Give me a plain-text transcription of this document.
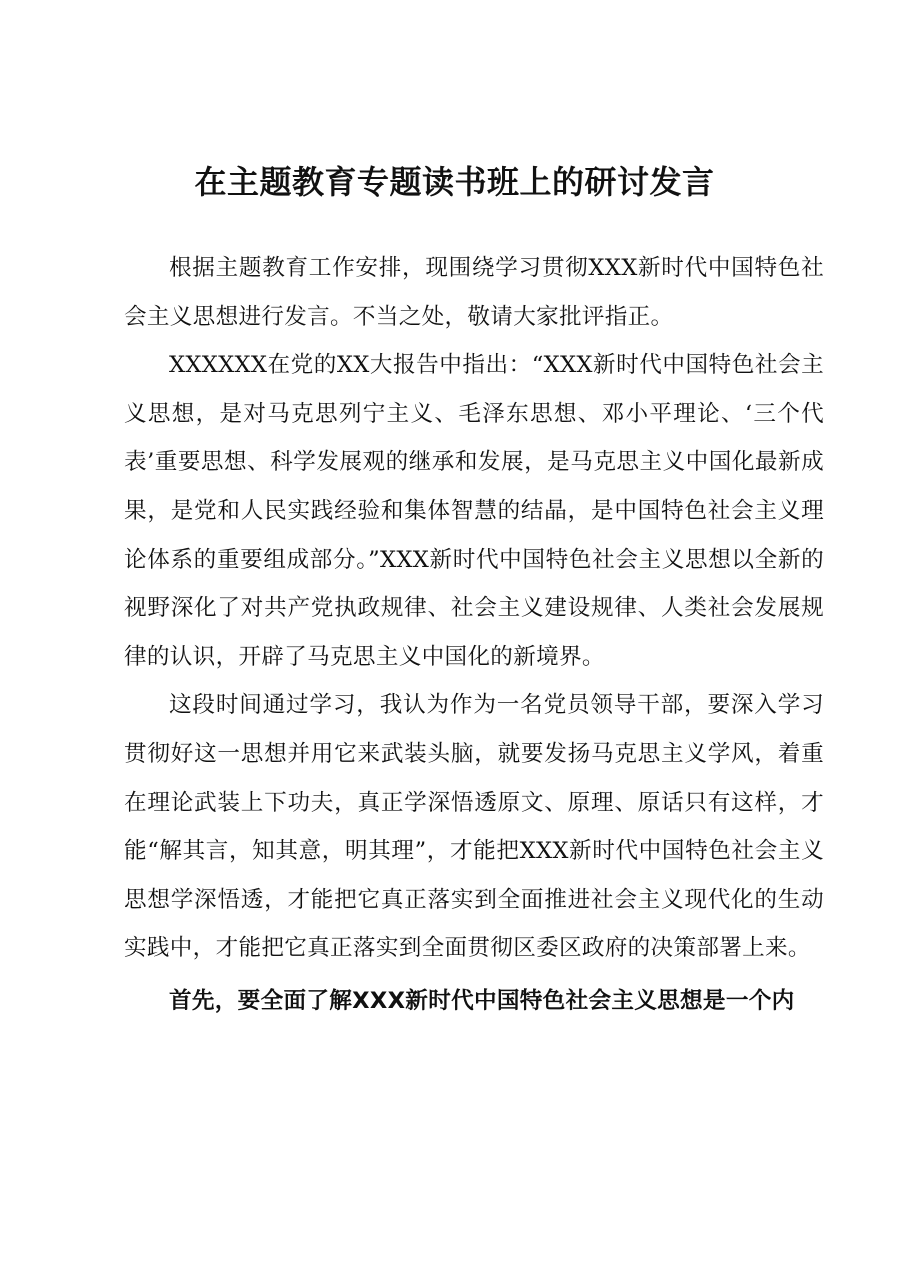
在主题教育专题读书班上的研讨发言

根据主题教育工作安排，现围绕学习贯彻XXX新时代中国特色社会主义思想进行发言。不当之处，敬请大家批评指正。

XXXXXX在党的XX大报告中指出：“XXX新时代中国特色社会主义思想，是对马克思列宁主义、毛泽东思想、邓小平理论、‘三个代表’重要思想、科学发展观的继承和发展，是马克思主义中国化最新成果，是党和人民实践经验和集体智慧的结晶，是中国特色社会主义理论体系的重要组成部分。”XXX新时代中国特色社会主义思想以全新的视野深化了对共产党执政规律、社会主义建设规律、人类社会发展规律的认识，开辟了马克思主义中国化的新境界。

这段时间通过学习，我认为作为一名党员领导干部，要深入学习贯彻好这一思想并用它来武装头脑，就要发扬马克思主义学风，着重在理论武装上下功夫，真正学深悟透原文、原理、原话只有这样，才能“解其言，知其意，明其理”，才能把XXX新时代中国特色社会主义思想学深悟透，才能把它真正落实到全面推进社会主义现代化的生动实践中，才能把它真正落实到全面贯彻区委区政府的决策部署上来。

首先，要全面了解XXX新时代中国特色社会主义思想是一个内
